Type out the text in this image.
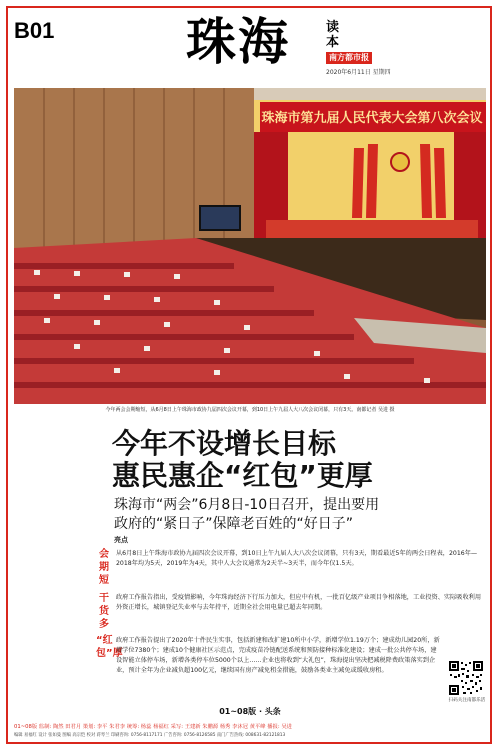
B01	珠海	读本
南方都市报
2020年6月11日 星期四
珠海市第九届人民代表大会第八次会议
今年两会会期缩短，从6月8日上午珠海市政协九届四次会议开幕，到10日上午九届人大八次会议闭幕，只有3天。南都记者 吴进 摄
今年不设增长目标
惠民惠企“红包”更厚
珠海市“两会”6月8日-10日召开，提出要用
政府的“紧日子”保障老百姓的“好日子”
亮点
会期短
从6月8日上午珠海市政协九届四次会议开幕，到10日上午九届人大八次会议闭幕，只有3天，期看最近5年的两会日程表，2016年—2018年均为5天，2019年为4天，其中人大会议通常为2天半~3天半，而今年仅1.5天。
干货多
政府工作报告指出，受疫情影响，今年珠海经济下行压力加大，但应中有机，一批百亿级产业项目争相落地，工业投资、实际吸收利用外资正增长，城镇登记失业率与去年持平，近期全社会用电量已超去年同期。
“红包”厚
政府工作报告提出了2020年十件民生实事，包括新建和改扩建10所中小学，新增学位1.19万个；建成幼儿园20所，新增学位7380个；建成10个健康社区示范点，完成疫苗冷链配送系统和预防接种标准化建设；建成一批公共停车场，建设智能立体停车场，新增各类停车位5000个以上……企业也将收到“大礼包”，珠海提出坚决把减税降费政策落实到企业，预计全年为企业减负超100亿元，继续国有房产减免租金措施，鼓励各类业主减免或缓收房租。
扫码关注南都乐活
01~08版 · 头条
01~08版 监制: 陶然 田君月 策划: 李平 朱君李 统筹: 杨蕊 杨福红 采写: 王建新 朱鹏源 杨秀 李沐冠 黄平峰 播报: 吴进
编辑 易福红 设计 张如曼 图编 高宗恺 校对 蒋琴兰 印刷咨询: 0756-8117171 广告咨询: 0756-8126585 南门广告热线: 008631-82121813
